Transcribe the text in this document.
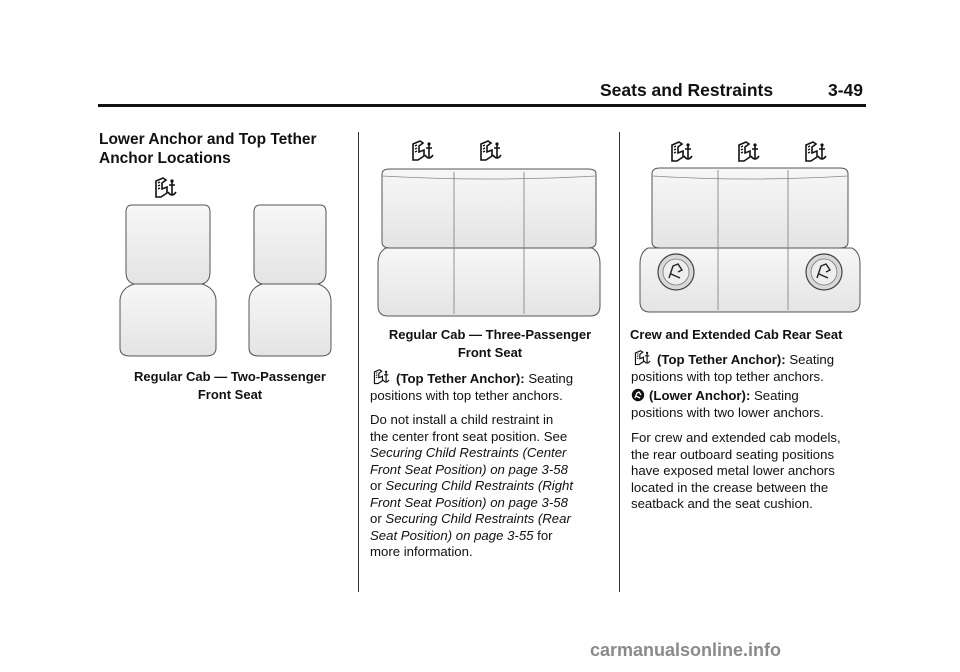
Seats and Restraints	3-49
Lower Anchor and Top Tether Anchor Locations
Regular Cab — Two-Passenger
Front Seat
Regular Cab — Three-Passenger
Front Seat
(Top Tether Anchor): Seating
positions with top tether anchors.
Do not install a child restraint in
the center front seat position. See
Securing Child Restraints (Center
Front Seat Position) on page 3-58
or Securing Child Restraints (Right
Front Seat Position) on page 3-58
or Securing Child Restraints (Rear
Seat Position) on page 3-55 for
more information.
Crew and Extended Cab Rear Seat
(Top Tether Anchor): Seating
positions with top tether anchors.
(Lower Anchor): Seating
positions with two lower anchors.
For crew and extended cab models,
the rear outboard seating positions
have exposed metal lower anchors
located in the crease between the
seatback and the seat cushion.
carmanualsonline.info
